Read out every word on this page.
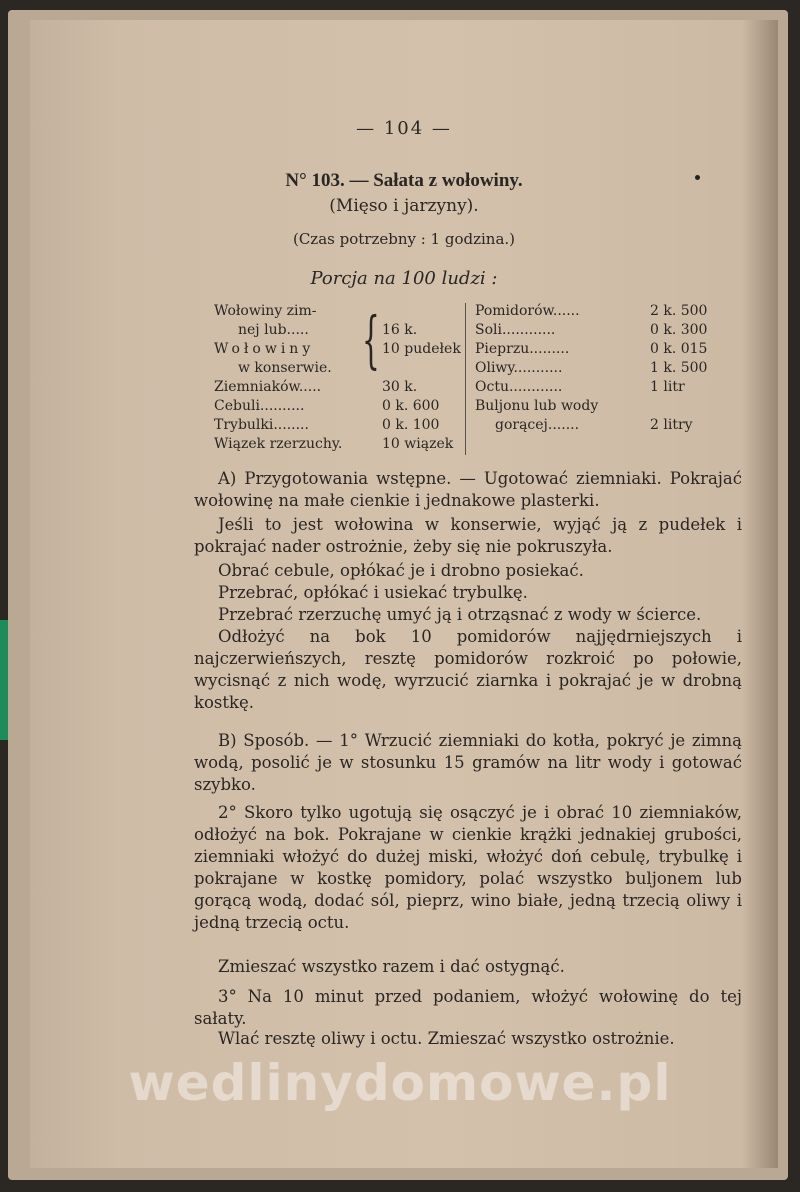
— 104 —
N° 103. — Sałata z wołowiny.
(Mięso i jarzyny).
(Czas potrzebny : 1 godzina.)
Porcja na 100 ludzi :
{
Wołowiny zim-
nej lub.....	16 k.
Wołowiny	10 pudełek
w konserwie.
Ziemniaków.....	30 k.
Cebuli..........	0 k. 600
Trybulki........	0 k. 100
Wiązek rzerzuchy.	10 wiązek
Pomidorów......	2 k. 500
Soli............	0 k. 300
Pieprzu.........	0 k. 015
Oliwy...........	1 k. 500
Octu............	1 litr
Buljonu lub wody
gorącej.......	2 litry
A) Przygotowania wstępne. — Ugotować ziemniaki. Pokrajać wołowinę na małe cienkie i jednakowe plasterki.
Jeśli to jest wołowina w konserwie, wyjąć ją z pudełek i pokrajać nader ostrożnie, żeby się nie pokruszyła.
Obrać cebule, opłókać je i drobno posiekać.
Przebrać, opłókać i usiekać trybulkę.
Przebrać rzerzuchę umyć ją i otrząsnać z wody w ścierce.
Odłożyć na bok 10 pomidorów najjędrniejszych i najczerwieńszych, resztę pomidorów rozkroić po połowie, wycisnąć z nich wodę, wyrzucić ziarnka i pokrajać je w drobną kostkę.
B) Sposób. — 1° Wrzucić ziemniaki do kotła, pokryć je zimną wodą, posolić je w stosunku 15 gramów na litr wody i gotować szybko.
2° Skoro tylko ugotują się osączyć je i obrać 10 ziemniaków, odłożyć na bok. Pokrajane w cienkie krążki jednakiej grubości, ziemniaki włożyć do dużej miski, włożyć doń cebulę, trybulkę i pokrajane w kostkę pomidory, polać wszystko buljonem lub gorącą wodą, dodać sól, pieprz, wino białe, jedną trzecią oliwy i jedną trzecią octu.
Zmieszać wszystko razem i dać ostygnąć.
3° Na 10 minut przed podaniem, włożyć wołowinę do tej sałaty.
Wlać resztę oliwy i octu. Zmieszać wszystko ostrożnie.
wedlinydomowe.pl
